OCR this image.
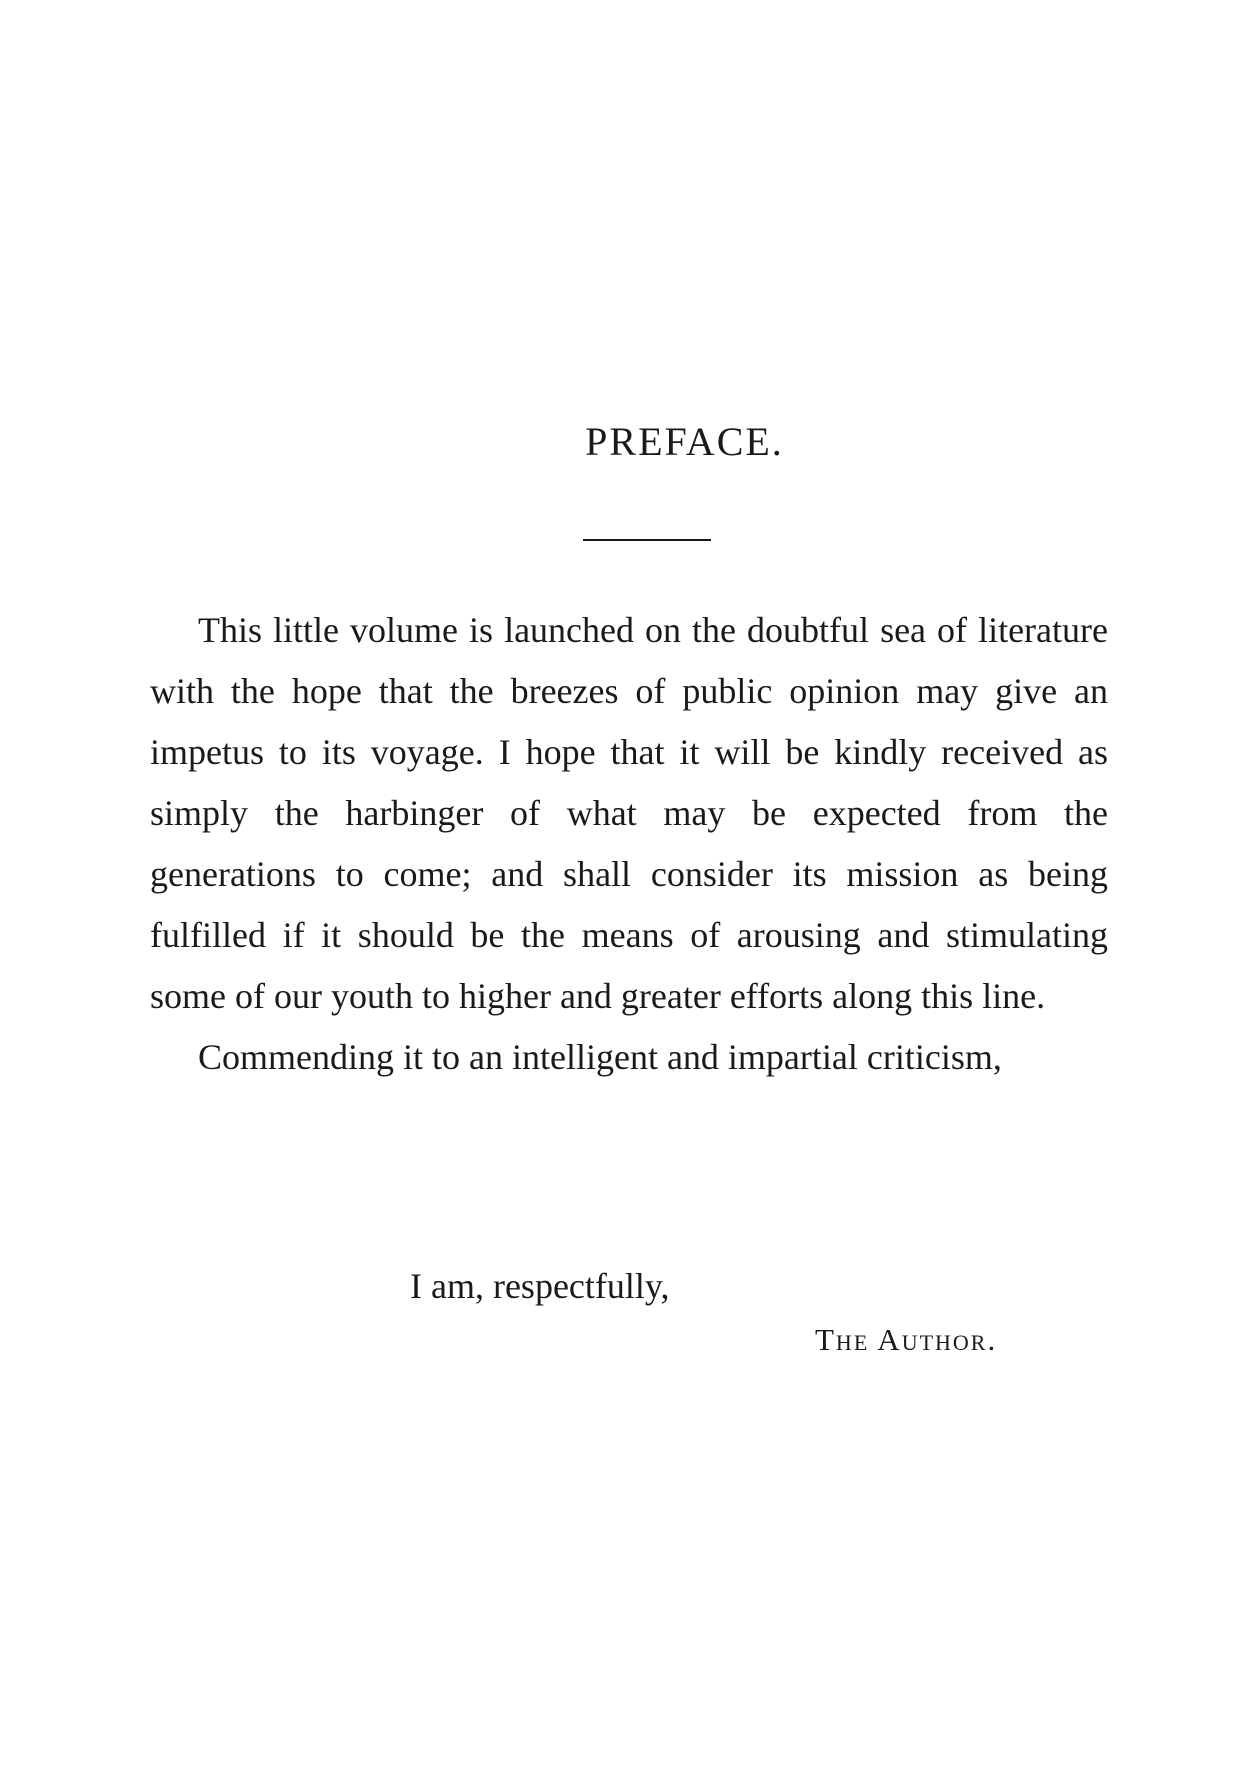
PREFACE.

This little volume is launched on the doubtful sea of literature with the hope that the breezes of public opinion may give an impetus to its voyage. I hope that it will be kindly received as simply the harbinger of what may be expected from the generations to come; and shall consider its mission as being fulfilled if it should be the means of arousing and stimulating some of our youth to higher and greater efforts along this line.

Commending it to an intelligent and impartial criticism,

I am, respectfully,

The Author.
